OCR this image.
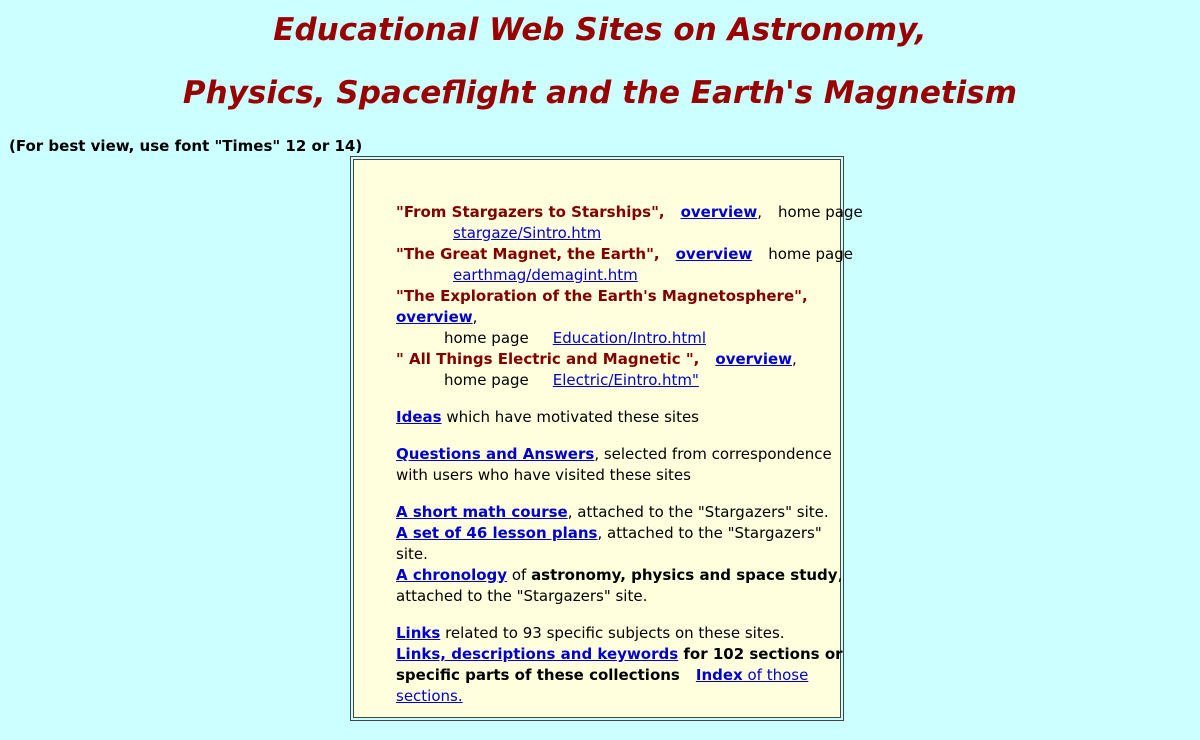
Educational Web Sites on Astronomy,
Physics, Spaceflight and the Earth's Magnetism
(For best view, use font "Times" 12 or 14)
"From Stargazers to Starships", overview, home page
stargaze/Sintro.htm
"The Great Magnet, the Earth", overview home page
earthmag/demagint.htm
"The Exploration of the Earth's Magnetosphere",
overview,
home page Education/Intro.html
" All Things Electric and Magnetic ", overview,
home page Electric/Eintro.htm"
Ideas which have motivated these sites
Questions and Answers, selected from correspondence
with users who have visited these sites
A short math course, attached to the "Stargazers" site.
A set of 46 lesson plans, attached to the "Stargazers"
site.
A chronology of astronomy, physics and space study,
attached to the "Stargazers" site.
Links related to 93 specific subjects on these sites.
Links, descriptions and keywords for 102 sections or
specific parts of these collections Index of those
sections.
